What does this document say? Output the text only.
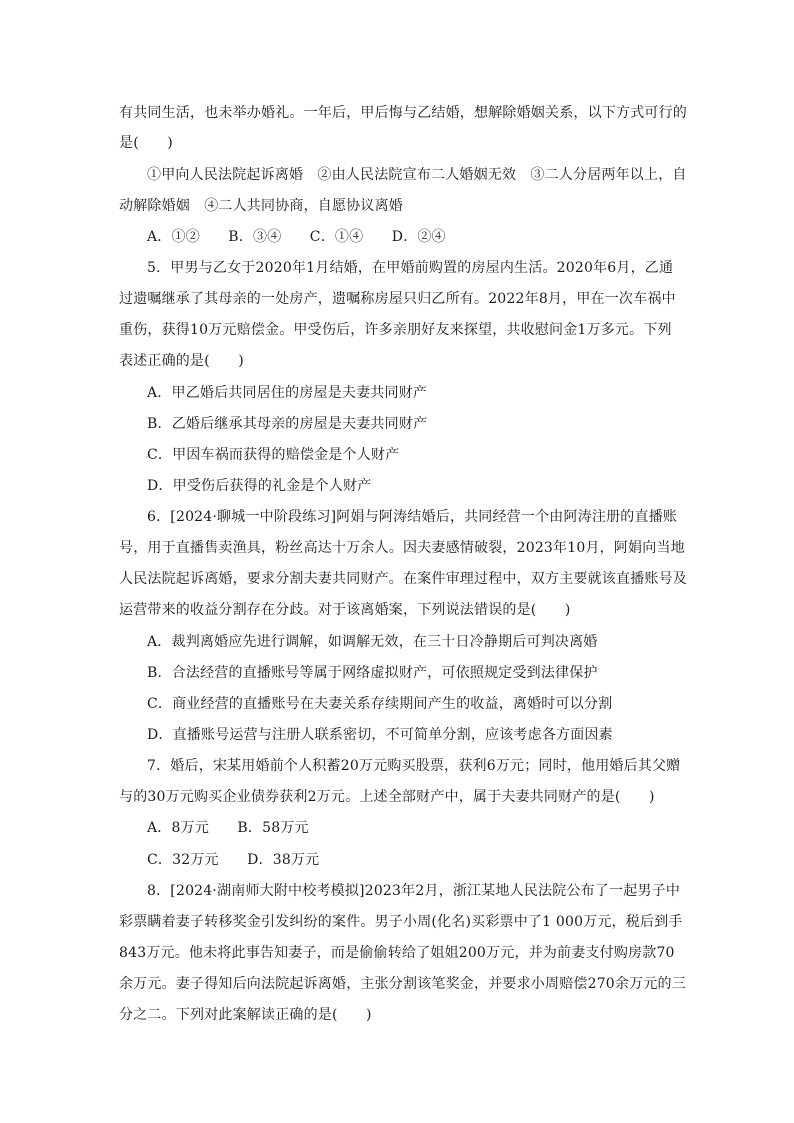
有共同生活，也未举办婚礼。一年后，甲后悔与乙结婚，想解除婚姻关系，以下方式可行的
是(　　)
①甲向人民法院起诉离婚　②由人民法院宣布二人婚姻无效　③二人分居两年以上，自
动解除婚姻　④二人共同协商，自愿协议离婚
A．①②　　B．③④　　C．①④　　D．②④
5．甲男与乙女于2020年1月结婚，在甲婚前购置的房屋内生活。2020年6月，乙通
过遗嘱继承了其母亲的一处房产，遗嘱称房屋只归乙所有。2022年8月，甲在一次车祸中
重伤，获得10万元赔偿金。甲受伤后，许多亲朋好友来探望，共收慰问金1万多元。下列
表述正确的是(　　)
A．甲乙婚后共同居住的房屋是夫妻共同财产
B．乙婚后继承其母亲的房屋是夫妻共同财产
C．甲因车祸而获得的赔偿金是个人财产
D．甲受伤后获得的礼金是个人财产
6．[2024·聊城一中阶段练习]阿娟与阿涛结婚后，共同经营一个由阿涛注册的直播账
号，用于直播售卖渔具，粉丝高达十万余人。因夫妻感情破裂，2023年10月，阿娟向当地
人民法院起诉离婚，要求分割夫妻共同财产。在案件审理过程中，双方主要就该直播账号及
运营带来的收益分割存在分歧。对于该离婚案，下列说法错误的是(　　)
A．裁判离婚应先进行调解，如调解无效，在三十日冷静期后可判决离婚
B．合法经营的直播账号等属于网络虚拟财产，可依照规定受到法律保护
C．商业经营的直播账号在夫妻关系存续期间产生的收益，离婚时可以分割
D．直播账号运营与注册人联系密切，不可简单分割，应该考虑各方面因素
7．婚后，宋某用婚前个人积蓄20万元购买股票，获利6万元；同时，他用婚后其父赠
与的30万元购买企业债券获利2万元。上述全部财产中，属于夫妻共同财产的是(　　)
A．8万元　　B．58万元
C．32万元　　D．38万元
8．[2024·湖南师大附中校考模拟]2023年2月，浙江某地人民法院公布了一起男子中
彩票瞒着妻子转移奖金引发纠纷的案件。男子小周(化名)买彩票中了1 000万元，税后到手
843万元。他未将此事告知妻子，而是偷偷转给了姐姐200万元，并为前妻支付购房款70
余万元。妻子得知后向法院起诉离婚，主张分割该笔奖金，并要求小周赔偿270余万元的三
分之二。下列对此案解读正确的是(　　)
